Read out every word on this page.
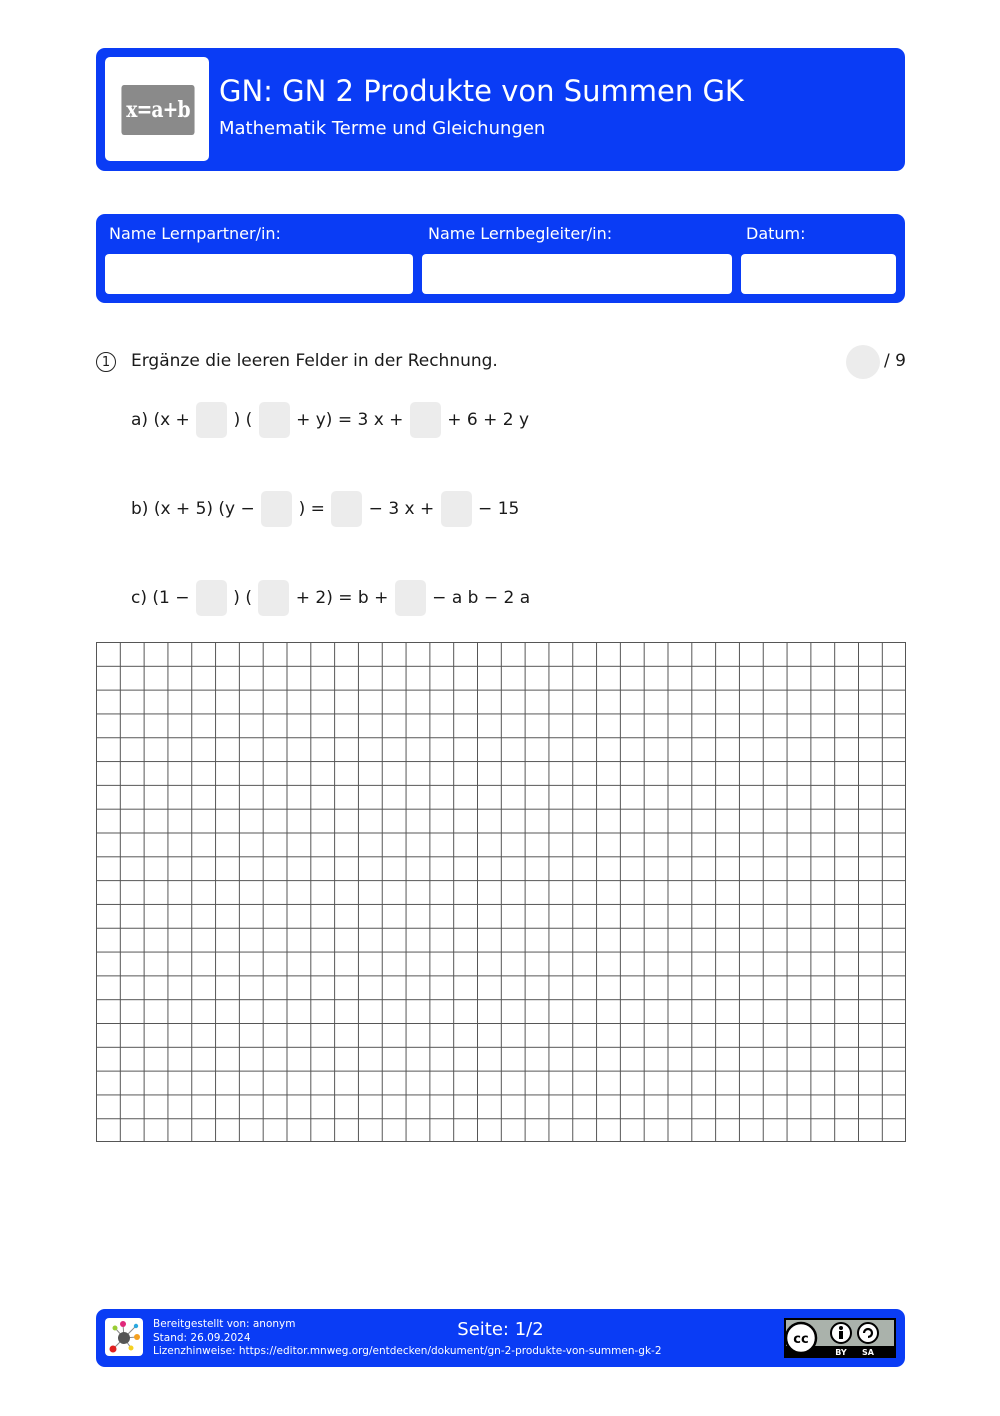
x=a+b
GN: GN 2 Produkte von Summen GK
Mathematik Terme und Gleichungen
Name Lernpartner/in:	Name Lernbegleiter/in:	Datum:
1	Ergänze die leeren Felder in der Rechnung.	/ 9
a) (x + ) ( + y) = 3 x + + 6 + 2 y
b) (x + 5) (y − ) = − 3 x + − 15
c) (1 − ) ( + 2) = b + − a b − 2 a
Bereitgestellt von: anonym
Stand: 26.09.2024
Lizenzhinweise: https://editor.mnweg.org/entdecken/dokument/gn-2-produkte-von-summen-gk-2
Seite: 1/2	cc
BY SA
